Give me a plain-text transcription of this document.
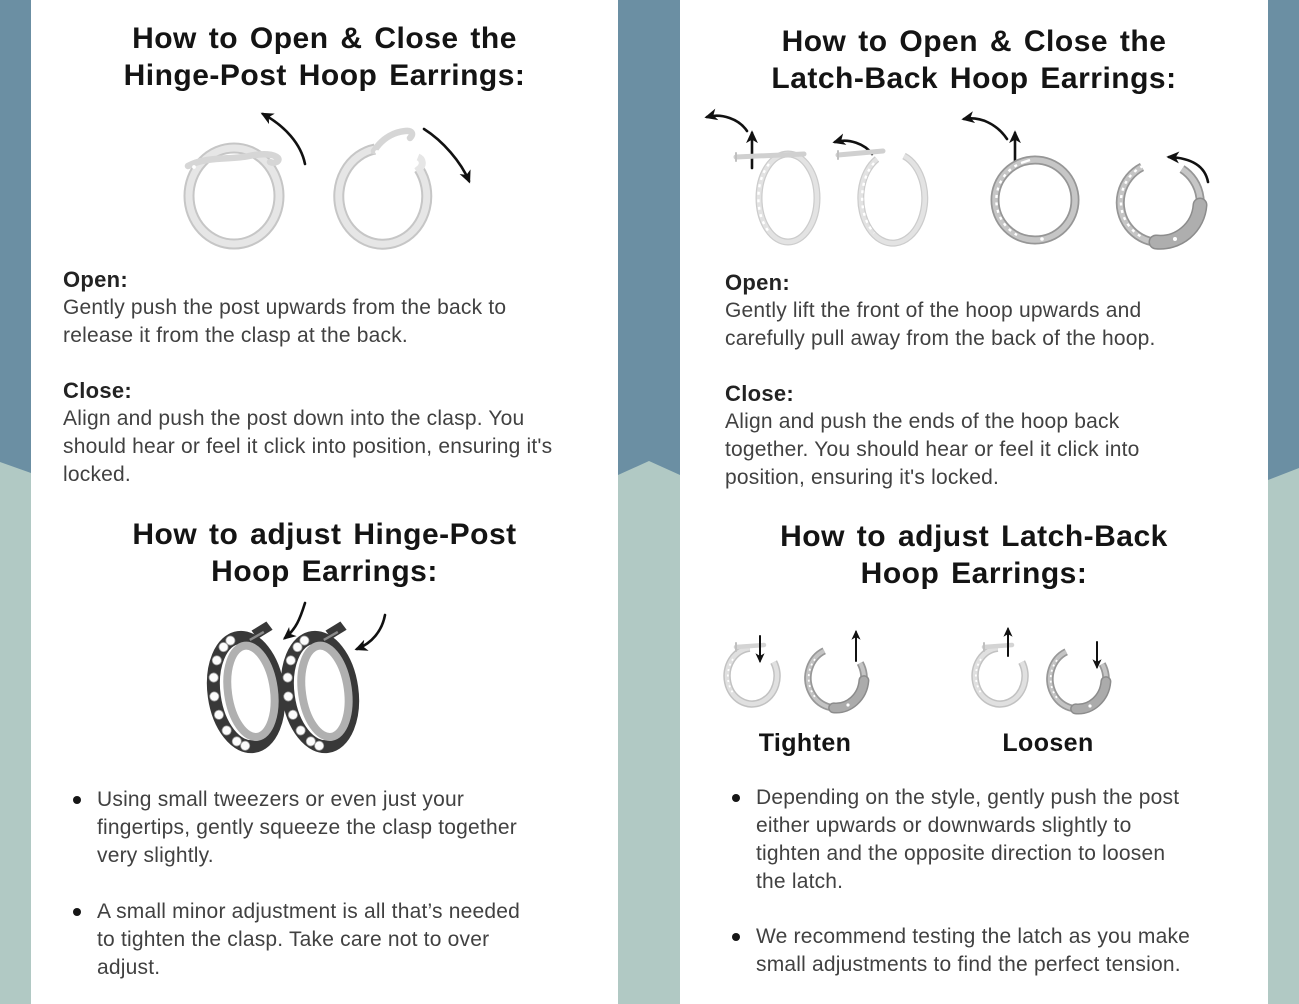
How to Open & Close the
Hinge-Post Hoop Earrings:
Open:
Gently push the post upwards from the back to
release it from the clasp at the back.
Close:
Align and push the post down into the clasp. You
should hear or feel it click into position, ensuring it's
locked.
How to adjust Hinge-Post
Hoop Earrings:
Using small tweezers or even just your
fingertips, gently squeeze the clasp together
very slightly.
A small minor adjustment is all that’s needed
to tighten the clasp. Take care not to over
adjust.
How to Open & Close the
Latch-Back Hoop Earrings:
Open:
Gently lift the front of the hoop upwards and
carefully pull away from the back of the hoop.
Close:
Align and push the ends of the hoop back
together. You should hear or feel it click into
position, ensuring it's locked.
How to adjust Latch-Back
Hoop Earrings:
Tighten	Loosen
Depending on the style, gently push the post
either upwards or downwards slightly to
tighten and the opposite direction to loosen
the latch.
We recommend testing the latch as you make
small adjustments to find the perfect tension.
